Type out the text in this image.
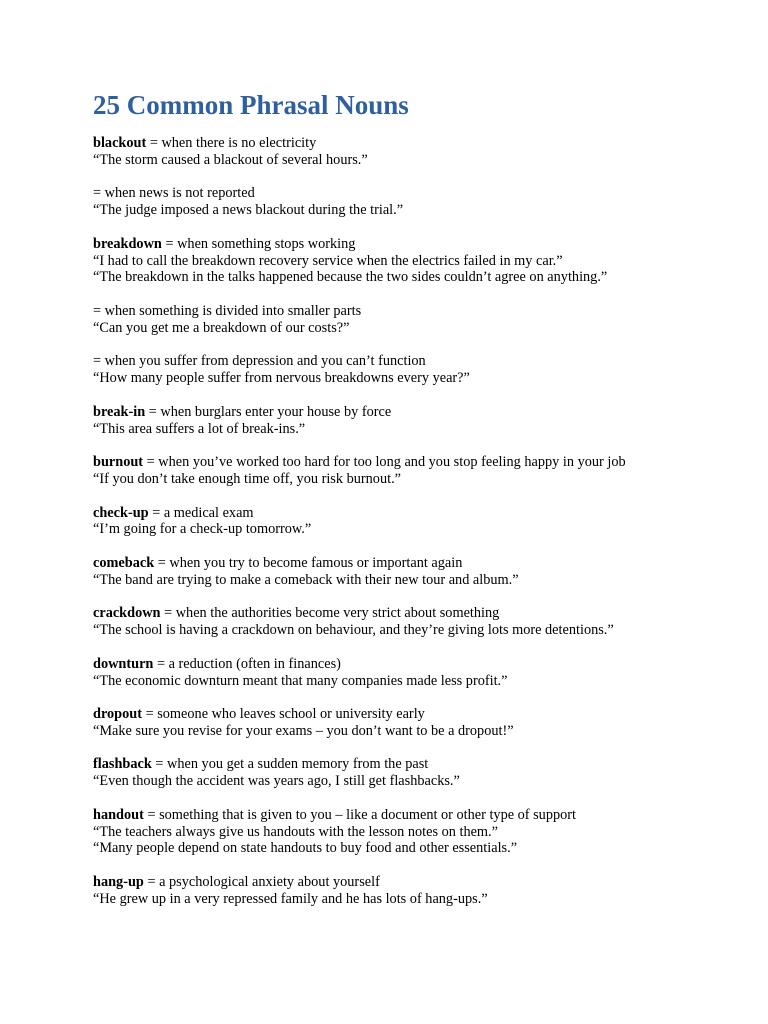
25 Common Phrasal Nouns
blackout = when there is no electricity
“The storm caused a blackout of several hours.”
= when news is not reported
“The judge imposed a news blackout during the trial.”
breakdown = when something stops working
“I had to call the breakdown recovery service when the electrics failed in my car.”
“The breakdown in the talks happened because the two sides couldn’t agree on anything.”
= when something is divided into smaller parts
“Can you get me a breakdown of our costs?”
= when you suffer from depression and you can’t function
“How many people suffer from nervous breakdowns every year?”
break-in = when burglars enter your house by force
“This area suffers a lot of break-ins.”
burnout = when you’ve worked too hard for too long and you stop feeling happy in your job
“If you don’t take enough time off, you risk burnout.”
check-up = a medical exam
“I’m going for a check-up tomorrow.”
comeback = when you try to become famous or important again
“The band are trying to make a comeback with their new tour and album.”
crackdown = when the authorities become very strict about something
“The school is having a crackdown on behaviour, and they’re giving lots more detentions.”
downturn = a reduction (often in finances)
“The economic downturn meant that many companies made less profit.”
dropout = someone who leaves school or university early
“Make sure you revise for your exams – you don’t want to be a dropout!”
flashback = when you get a sudden memory from the past
“Even though the accident was years ago, I still get flashbacks.”
handout = something that is given to you – like a document or other type of support
“The teachers always give us handouts with the lesson notes on them.”
“Many people depend on state handouts to buy food and other essentials.”
hang-up = a psychological anxiety about yourself
“He grew up in a very repressed family and he has lots of hang-ups.”
